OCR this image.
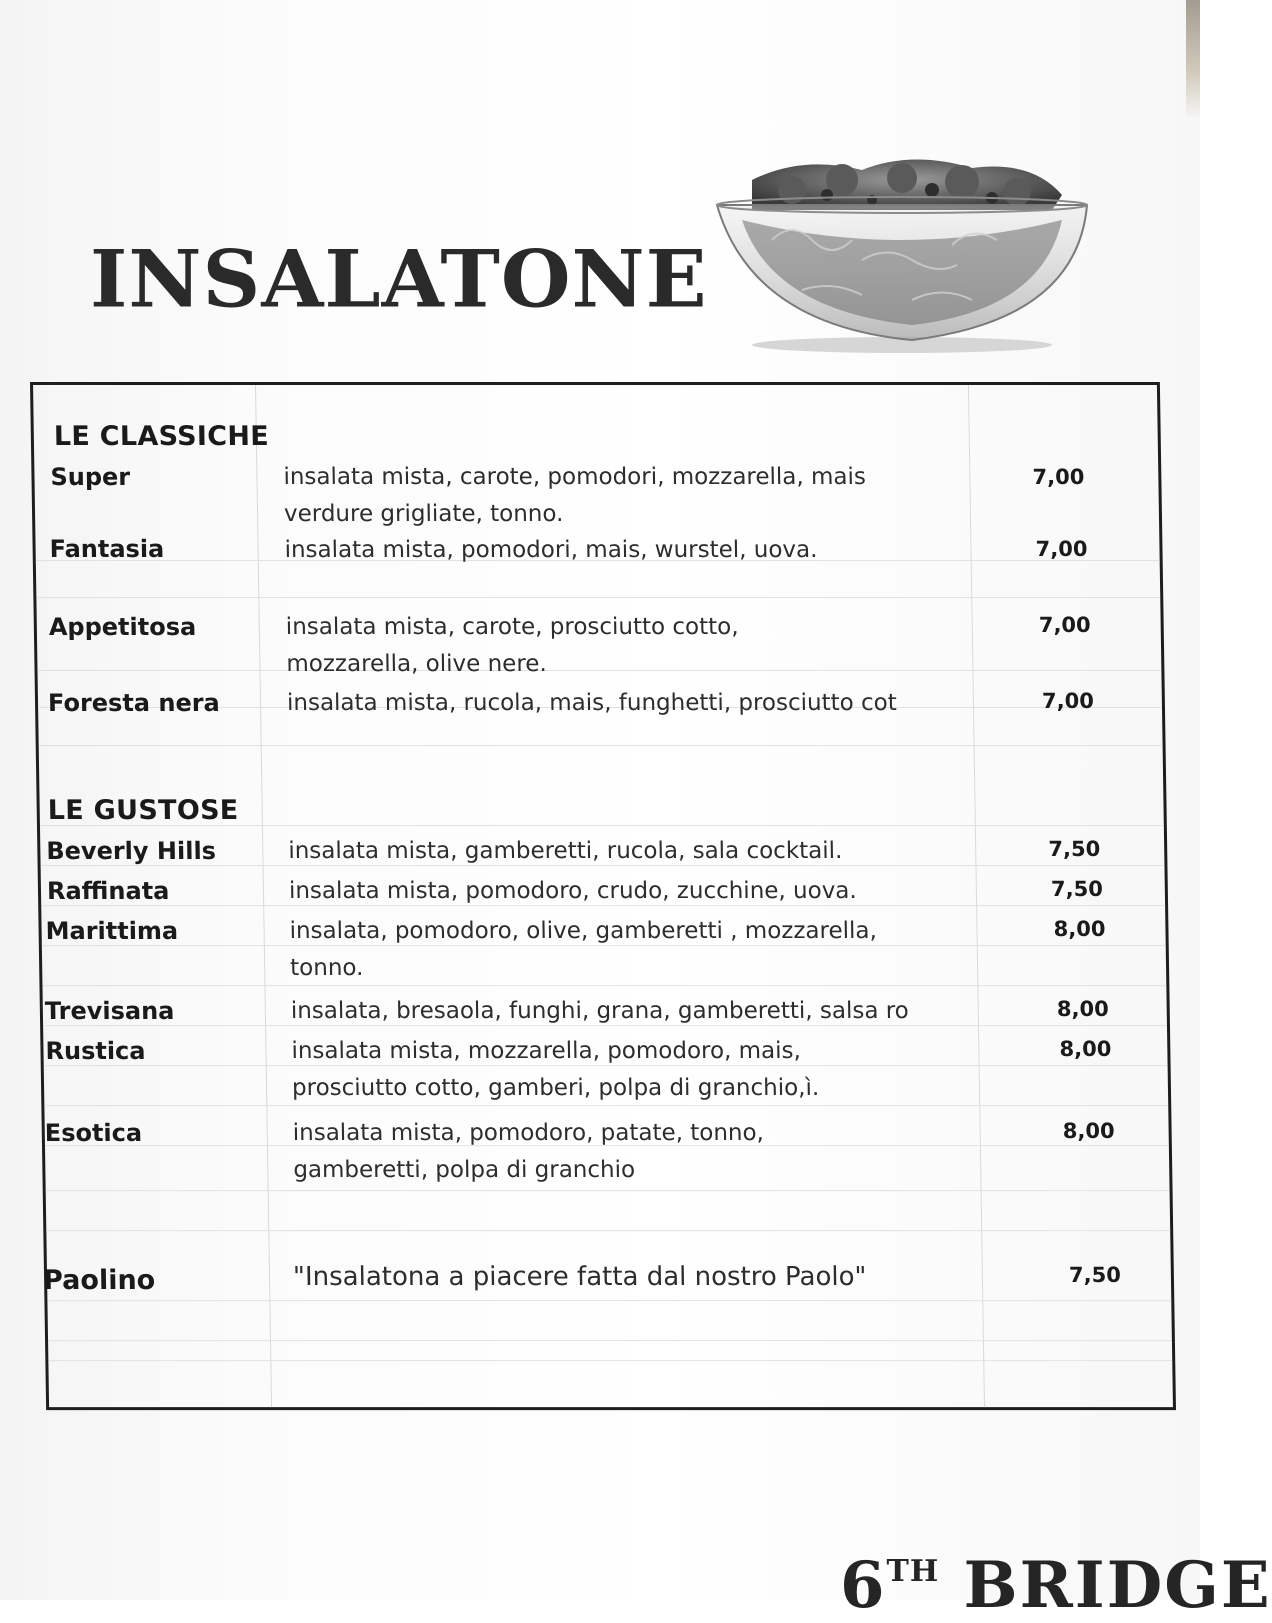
INSALATONE
LE CLASSICHE
Super	insalata mista, carote, pomodori, mozzarella, mais
verdure grigliate, tonno.
7,00
Fantasia	insalata mista, pomodori, mais, wurstel, uova.	7,00
Appetitosa	insalata mista, carote, prosciutto cotto,
mozzarella, olive nere.
7,00
Foresta nera	insalata mista, rucola, mais, funghetti, prosciutto cot	7,00
LE GUSTOSE
Beverly Hills	insalata mista, gamberetti, rucola, sala cocktail.	7,50
Raffinata	insalata mista, pomodoro, crudo, zucchine, uova.	7,50
Marittima	insalata, pomodoro, olive, gamberetti , mozzarella,
tonno.
8,00
Trevisana	insalata, bresaola, funghi, grana, gamberetti, salsa ro	8,00
Rustica	insalata mista, mozzarella, pomodoro, mais,
prosciutto cotto, gamberi, polpa di granchio,ì.
8,00
Esotica	insalata mista, pomodoro, patate, tonno,
gamberetti, polpa di granchio
8,00
Paolino	"Insalatona a piacere fatta dal nostro Paolo"	7,50
6TH BRIDGE
